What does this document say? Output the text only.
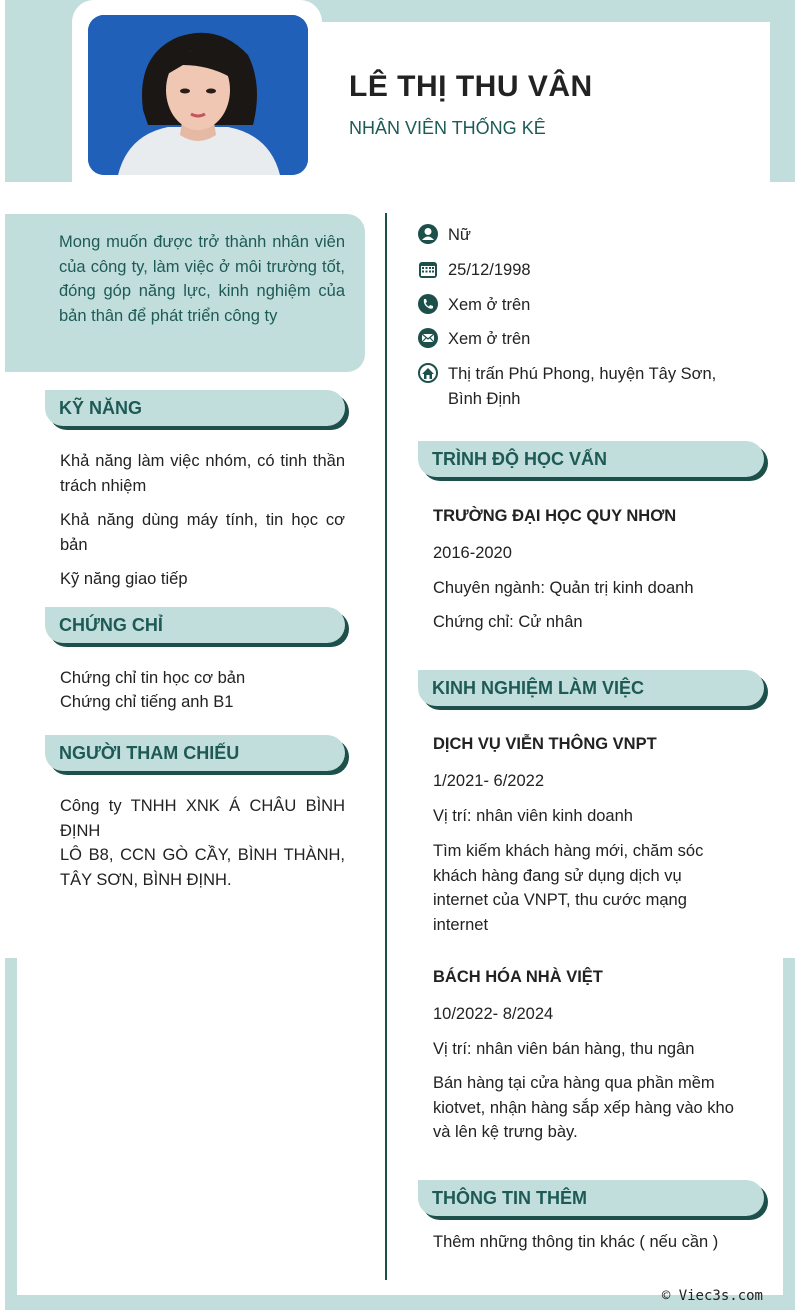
LÊ THỊ THU VÂN
NHÂN VIÊN THỐNG KÊ

Mong muốn được trở thành nhân viên của công ty, làm việc ở môi trường tốt, đóng góp năng lực, kinh nghiệm của bản thân để phát triển công ty

Nữ
25/12/1998
Xem ở trên
Xem ở trên
Thị trấn Phú Phong, huyện Tây Sơn, Bình Định
KỸ NĂNG
Khả năng làm việc nhóm, có tinh thần trách nhiệm
Khả năng dùng máy tính, tin học cơ bản
Kỹ năng giao tiếp
CHỨNG CHỈ
Chứng chỉ tin học cơ bản
Chứng chỉ tiếng anh B1
NGƯỜI THAM CHIẾU
Công ty TNHH XNK Á CHÂU BÌNH ĐỊNH
LÔ B8, CCN GÒ CẦY, BÌNH THÀNH, TÂY SƠN, BÌNH ĐỊNH.
TRÌNH ĐỘ HỌC VẤN
TRƯỜNG ĐẠI HỌC QUY NHƠN
2016-2020
Chuyên ngành: Quản trị kinh doanh
Chứng chỉ: Cử nhân
KINH NGHIỆM LÀM VIỆC
DỊCH VỤ VIỄN THÔNG VNPT
1/2021- 6/2022
Vị trí: nhân viên kinh doanh
Tìm kiếm khách hàng mới, chăm sóc khách hàng đang sử dụng dịch vụ internet của VNPT, thu cước mạng internet
BÁCH HÓA NHÀ VIỆT
10/2022- 8/2024
Vị trí: nhân viên bán hàng, thu ngân
Bán hàng tại cửa hàng qua phần mềm kiotvet, nhận hàng sắp xếp hàng vào kho và lên kệ trưng bày.
THÔNG TIN THÊM
Thêm những thông tin khác ( nếu cần )
© Viec3s.com
